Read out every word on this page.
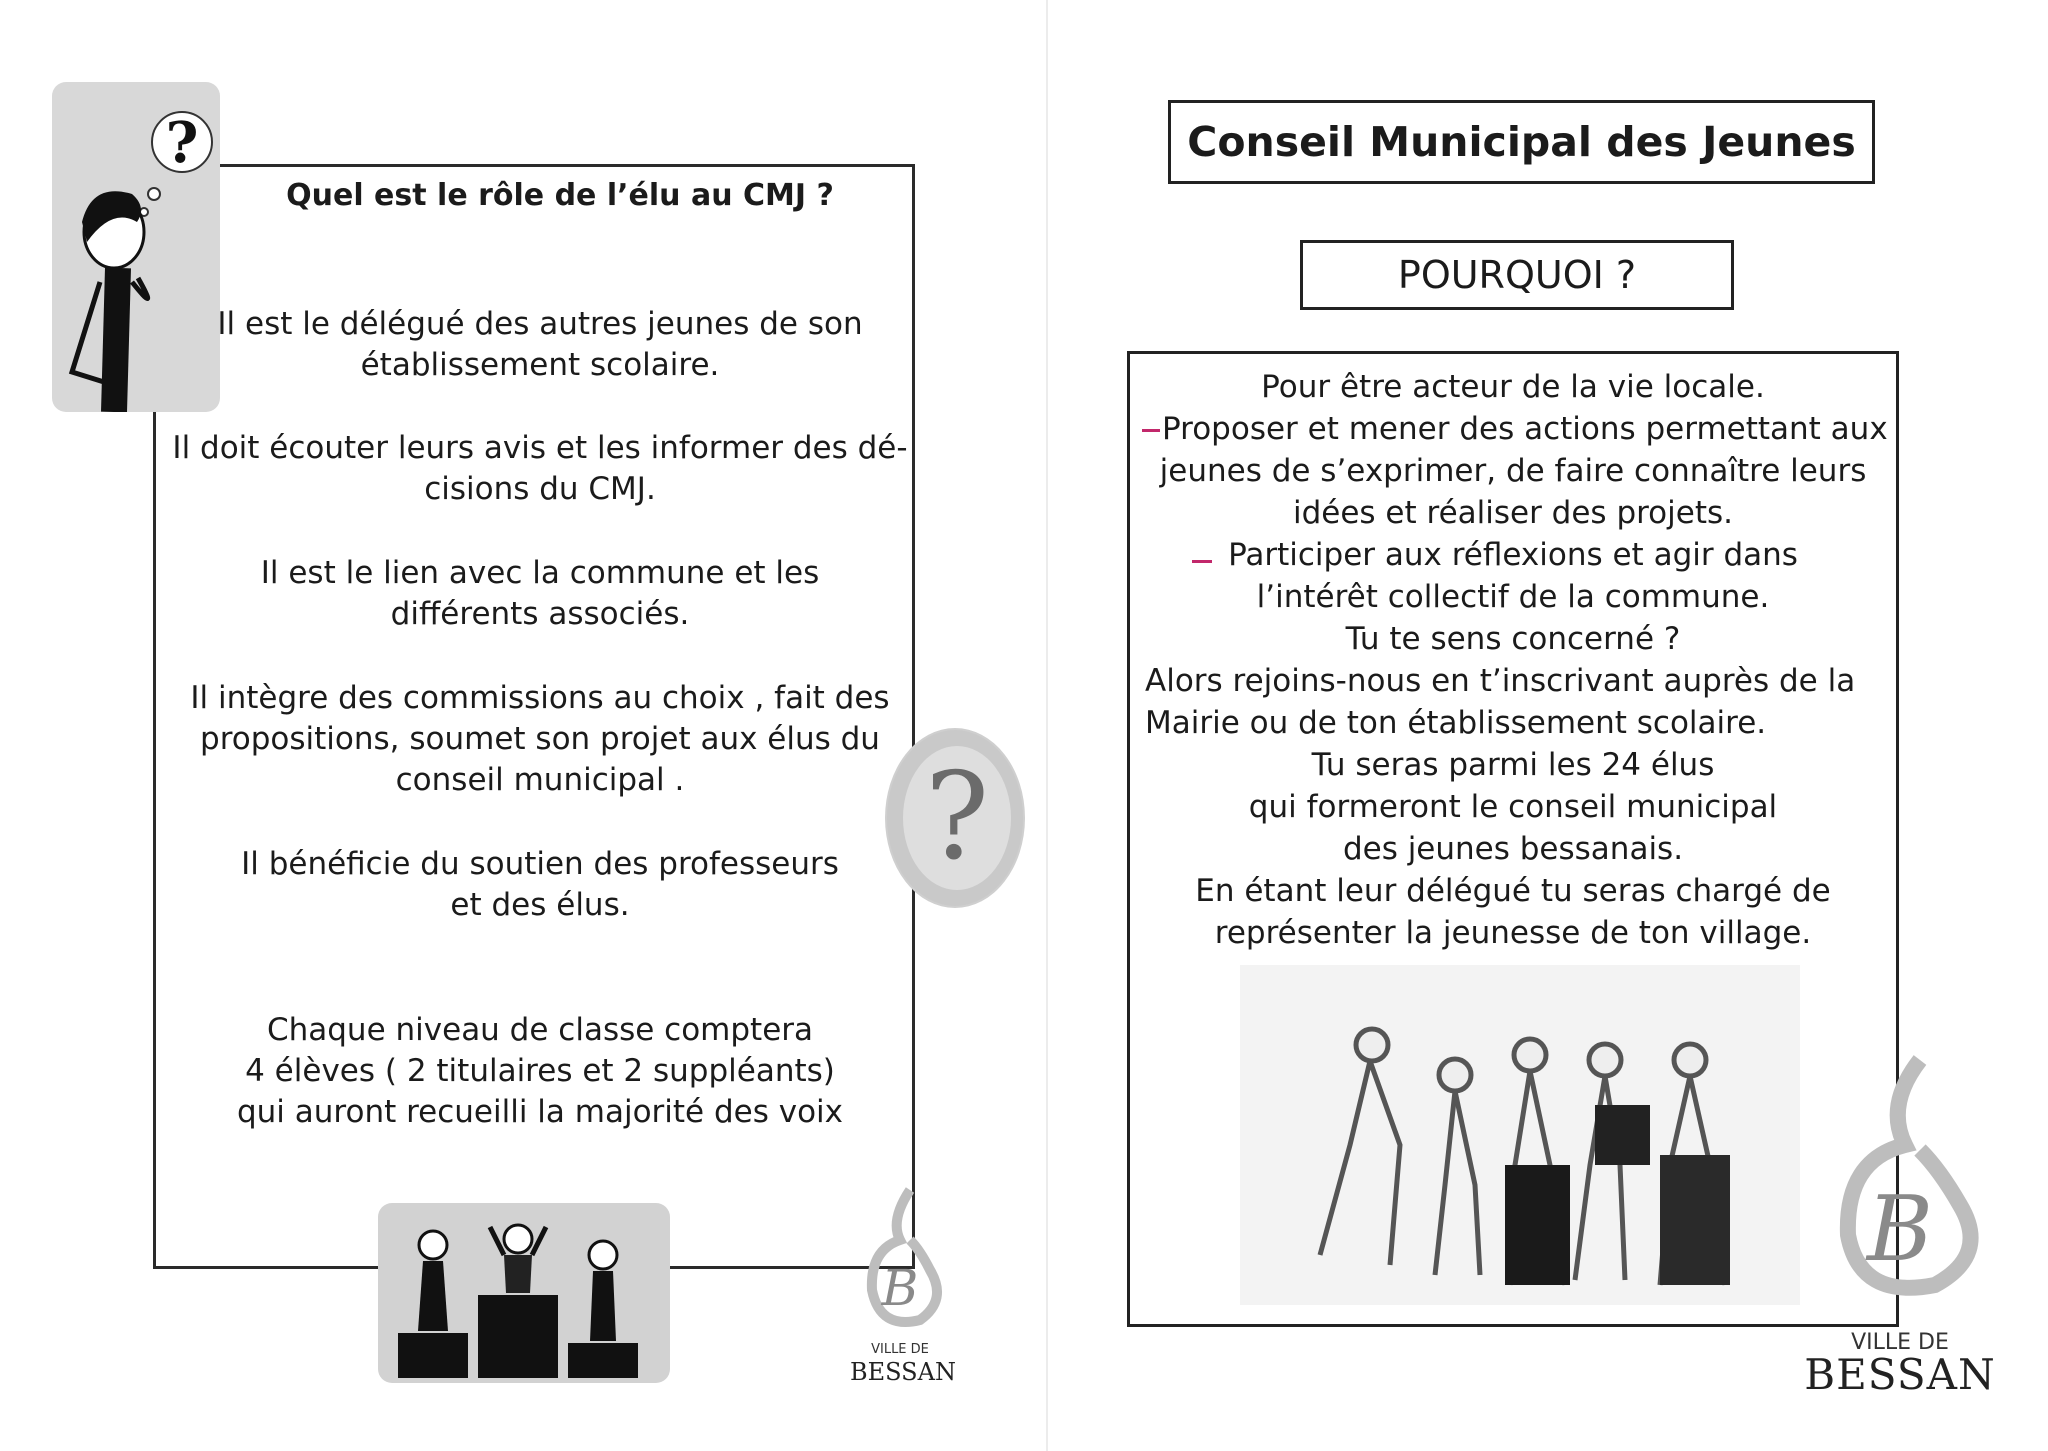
?
Quel est le rôle de l’élu au CMJ ?

Il est le délégué des autres jeunes de son

établissement scolaire.

Il doit écouter leurs avis et les informer des dé-

cisions du CMJ.

Il est le lien avec la commune et les

différents associés.

Il intègre des commissions au choix , fait des

propositions, soumet son projet aux élus du

conseil municipal .

Il bénéficie du soutien des professeurs

et des élus.

Chaque niveau de classe comptera

4 élèves ( 2 titulaires et 2 suppléants)

qui auront recueilli la majorité des voix

?
B
VILLE DE
BESSAN
Conseil Municipal des Jeunes
POURQUOI ?

Pour être acteur de la vie locale.

Proposer et mener des actions permettant aux

jeunes de s’exprimer, de faire connaître leurs

idées et réaliser des projets.

Participer aux réflexions et agir dans

l’intérêt collectif de la commune.

Tu te sens concerné ?

Alors rejoins-nous en t’inscrivant auprès de la

Mairie ou de ton établissement scolaire.

Tu seras parmi les 24 élus

qui formeront le conseil municipal

des jeunes bessanais.

En étant leur délégué tu seras chargé de

représenter la jeunesse de ton village.

B
VILLE DE
BESSAN
